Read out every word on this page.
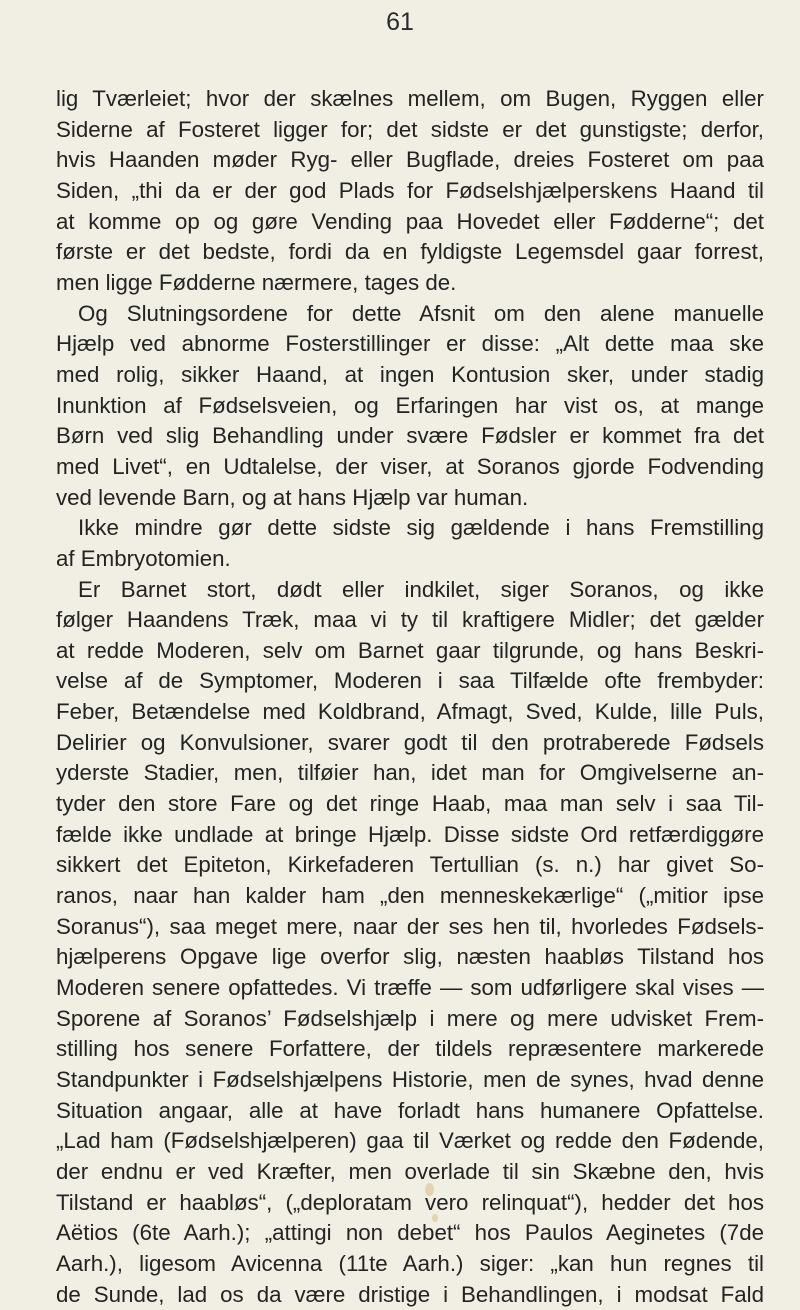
61
lig Tværleiet; hvor der skælnes mellem, om Bugen, Ryggen eller
Siderne af Fosteret ligger for; det sidste er det gunstigste; derfor,
hvis Haanden møder Ryg- eller Bugflade, dreies Fosteret om paa
Siden, „thi da er der god Plads for Fødselshjælperskens Haand til
at komme op og gøre Vending paa Hovedet eller Fødderne“; det
første er det bedste, fordi da en fyldigste Legemsdel gaar forrest,
men ligge Fødderne nærmere, tages de.
Og Slutningsordene for dette Afsnit om den alene manuelle
Hjælp ved abnorme Fosterstillinger er disse: „Alt dette maa ske
med rolig, sikker Haand, at ingen Kontusion sker, under stadig
Inunktion af Fødselsveien, og Erfaringen har vist os, at mange
Børn ved slig Behandling under svære Fødsler er kommet fra det
med Livet“, en Udtalelse, der viser, at Soranos gjorde Fodvending
ved levende Barn, og at hans Hjælp var human.
Ikke mindre gør dette sidste sig gældende i hans Fremstilling
af Embryotomien.
Er Barnet stort, dødt eller indkilet, siger Soranos, og ikke
følger Haandens Træk, maa vi ty til kraftigere Midler; det gælder
at redde Moderen, selv om Barnet gaar tilgrunde, og hans Beskri-
velse af de Symptomer, Moderen i saa Tilfælde ofte frembyder:
Feber, Betændelse med Koldbrand, Afmagt, Sved, Kulde, lille Puls,
Delirier og Konvulsioner, svarer godt til den protraberede Fødsels
yderste Stadier, men, tilføier han, idet man for Omgivelserne an-
tyder den store Fare og det ringe Haab, maa man selv i saa Til-
fælde ikke undlade at bringe Hjælp. Disse sidste Ord retfærdiggøre
sikkert det Epiteton, Kirkefaderen Tertullian (s. n.) har givet So-
ranos, naar han kalder ham „den menneskekærlige“ („mitior ipse
Soranus“), saa meget mere, naar der ses hen til, hvorledes Fødsels-
hjælperens Opgave lige overfor slig, næsten haabløs Tilstand hos
Moderen senere opfattedes. Vi træffe — som udførligere skal vises —
Sporene af Soranos’ Fødselshjælp i mere og mere udvisket Frem-
stilling hos senere Forfattere, der tildels repræsentere markerede
Standpunkter i Fødselshjælpens Historie, men de synes, hvad denne
Situation angaar, alle at have forladt hans humanere Opfattelse.
„Lad ham (Fødselshjælperen) gaa til Værket og redde den Fødende,
der endnu er ved Kræfter, men overlade til sin Skæbne den, hvis
Tilstand er haabløs“, („deploratam vero relinquat“), hedder det hos
Aëtios (6te Aarh.); „attingi non debet“ hos Paulos Aeginetes (7de
Aarh.), ligesom Avicenna (11te Aarh.) siger: „kan hun regnes til
de Sunde, lad os da være dristige i Behandlingen, i modsat Fald
